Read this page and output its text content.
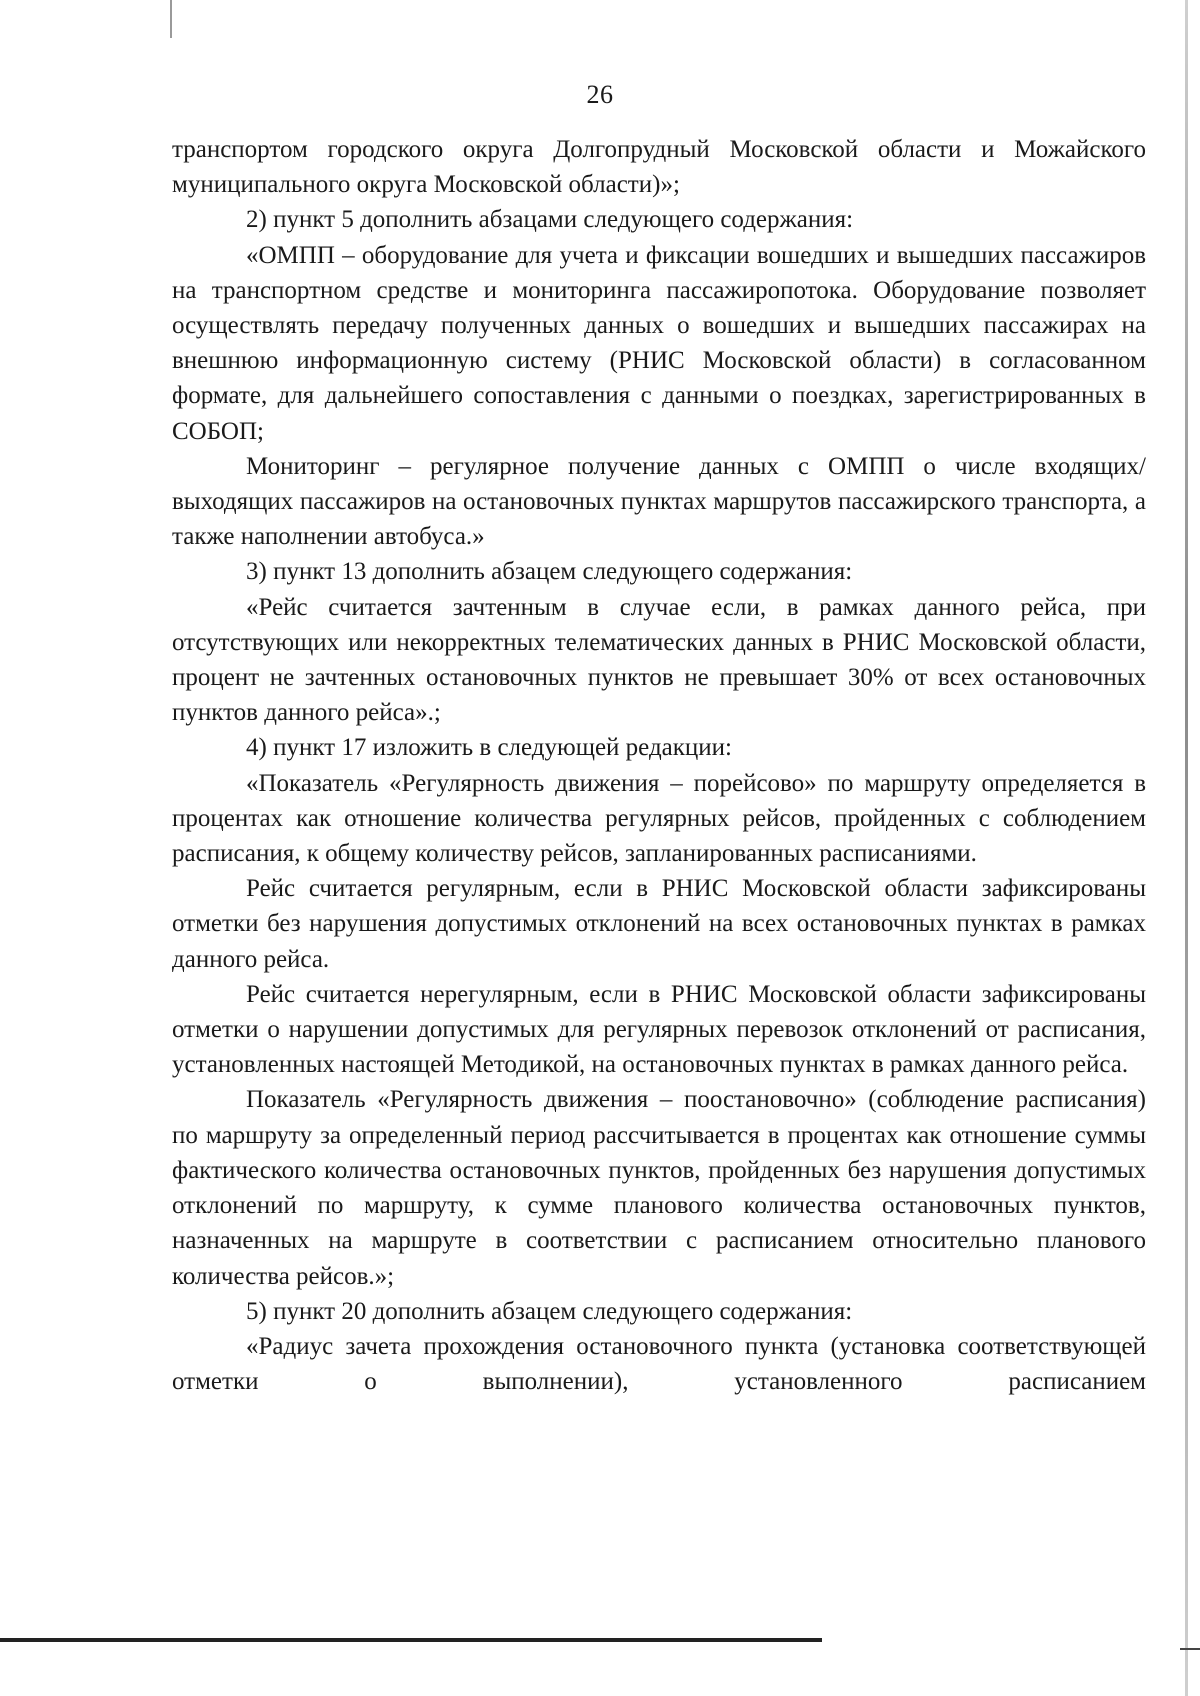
26

транспортом городского округа Долгопрудный Московской области и Можайского муниципального округа Московской области)»;

2) пункт 5 дополнить абзацами следующего содержания:

«ОМПП – оборудование для учета и фиксации вошедших и вышедших пассажиров на транспортном средстве и мониторинга пассажиропотока. Оборудование позволяет осуществлять передачу полученных данных о вошедших и вышедших пассажирах на внешнюю информационную систему (РНИС Московской области) в согласованном формате, для дальнейшего сопоставления с данными о поездках, зарегистрированных в СОБОП;

Мониторинг – регулярное получение данных с ОМПП о числе входящих/выходящих пассажиров на остановочных пунктах маршрутов пассажирского транспорта, а также наполнении автобуса.»

3) пункт 13 дополнить абзацем следующего содержания:

«Рейс считается зачтенным в случае если, в рамках данного рейса, при отсутствующих или некорректных телематических данных в РНИС Московской области, процент не зачтенных остановочных пунктов не превышает 30% от всех остановочных пунктов данного рейса».;

4) пункт 17 изложить в следующей редакции:

«Показатель «Регулярность движения – порейсово» по маршруту определяется в процентах как отношение количества регулярных рейсов, пройденных с соблюдением расписания, к общему количеству рейсов, запланированных расписаниями.

Рейс считается регулярным, если в РНИС Московской области зафиксированы отметки без нарушения допустимых отклонений на всех остановочных пунктах в рамках данного рейса.

Рейс считается нерегулярным, если в РНИС Московской области зафиксированы отметки о нарушении допустимых для регулярных перевозок отклонений от расписания, установленных настоящей Методикой, на остановочных пунктах в рамках данного рейса.

Показатель «Регулярность движения – поостановочно» (соблюдение расписания) по маршруту за определенный период рассчитывается в процентах как отношение суммы фактического количества остановочных пунктов, пройденных без нарушения допустимых отклонений по маршруту, к сумме планового количества остановочных пунктов, назначенных на маршруте в соответствии с расписанием относительно планового количества рейсов.»;

5) пункт 20 дополнить абзацем следующего содержания:

«Радиус зачета прохождения остановочного пункта (установка соответствующей отметки о выполнении), установленного расписанием
